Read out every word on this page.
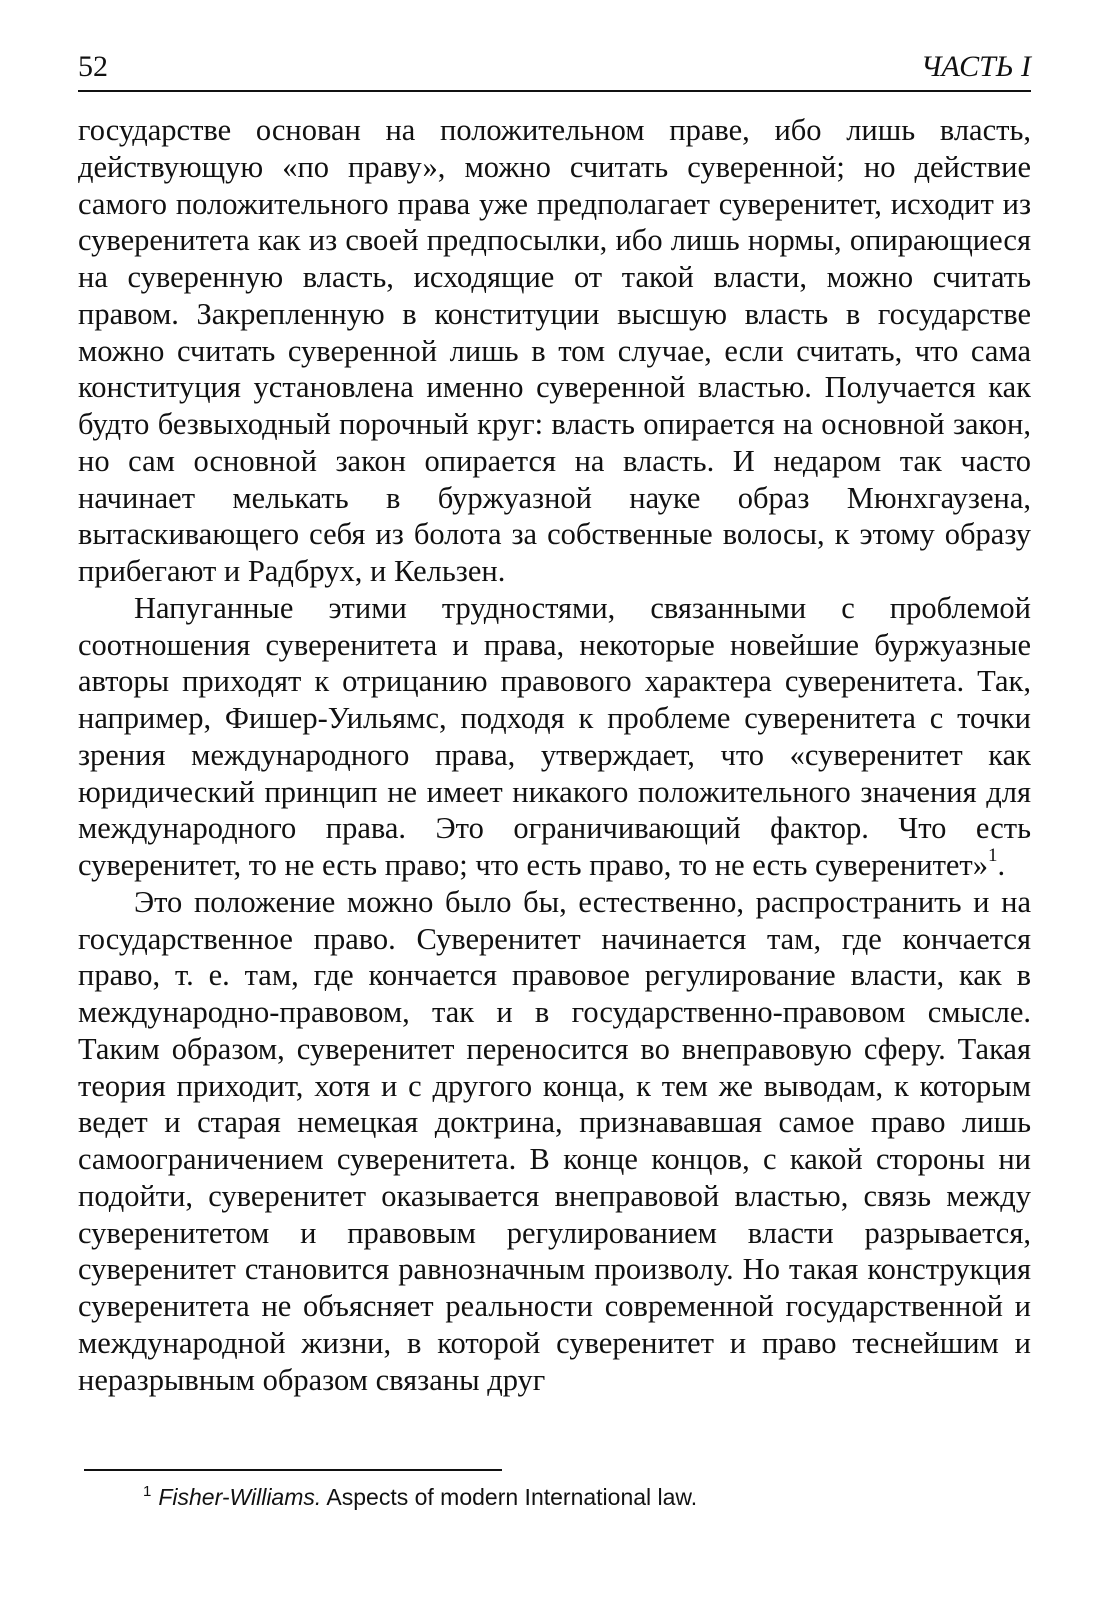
52	ЧАСТЬ I

государстве основан на положительном праве, ибо лишь власть, действующую «по праву», можно считать суверенной; но действие самого положительного права уже предполагает суверенитет, исходит из суверенитета как из своей предпосылки, ибо лишь нормы, опирающиеся на суверенную власть, исходящие от такой власти, можно считать правом. Закрепленную в конституции высшую власть в государстве можно считать суверенной лишь в том случае, если считать, что сама конституция установлена именно суверенной властью. Получается как будто безвыходный порочный круг: власть опирается на основной закон, но сам основной закон опирается на власть. И недаром так часто начинает мелькать в буржуазной науке образ Мюнхгаузена, вытаскивающего себя из болота за собственные волосы, к этому образу прибегают и Радбрух, и Кельзен.

Напуганные этими трудностями, связанными с проблемой соотношения суверенитета и права, некоторые новейшие буржуазные авторы приходят к отрицанию правового характера суверенитета. Так, например, Фишер-Уильямс, подходя к проблеме суверенитета с точки зрения международного права, утверждает, что «суверенитет как юридический принцип не имеет никакого положительного значения для международного права. Это ограничивающий фактор. Что есть суверенитет, то не есть право; что есть право, то не есть суверенитет»$^1$.

Это положение можно было бы, естественно, распространить и на государственное право. Суверенитет начинается там, где кончается право, т. е. там, где кончается правовое регулирование власти, как в международно-правовом, так и в государственно-правовом смысле. Таким образом, суверенитет переносится во внеправовую сферу. Такая теория приходит, хотя и с другого конца, к тем же выводам, к которым ведет и старая немецкая доктрина, признававшая самое право лишь самоограничением суверенитета. В конце концов, с какой стороны ни подойти, суверенитет оказывается внеправовой властью, связь между суверенитетом и правовым регулированием власти разрывается, суверенитет становится равнозначным произволу. Но такая конструкция суверенитета не объясняет реальности современной государственной и международной жизни, в которой суверенитет и право теснейшим и неразрывным образом связаны друг

$^1$ Fisher-Williams. Aspects of modern International law.
